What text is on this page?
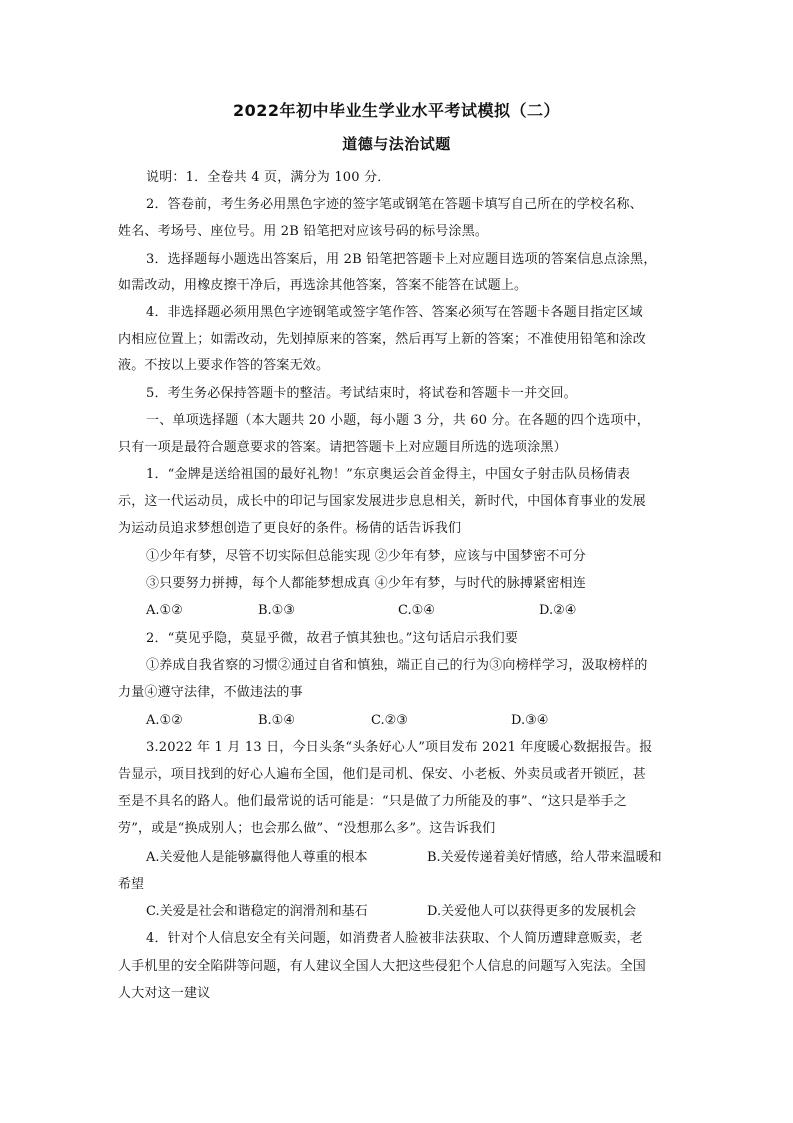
2022年初中毕业生学业水平考试模拟（二）
道德与法治试题
说明：1．全卷共 4 页，满分为 100 分．
2．答卷前，考生务必用黑色字迹的签字笔或钢笔在答题卡填写自己所在的学校名称、
姓名、考场号、座位号。用 2B 铅笔把对应该号码的标号涂黑。
3．选择题每小题选出答案后，用 2B 铅笔把答题卡上对应题目选项的答案信息点涂黑，
如需改动，用橡皮擦干净后，再选涂其他答案，答案不能答在试题上。
4．非选择题必须用黑色字迹钢笔或签字笔作答、答案必须写在答题卡各题目指定区域
内相应位置上；如需改动，先划掉原来的答案，然后再写上新的答案；不准使用铅笔和涂改
液。不按以上要求作答的答案无效。
5．考生务必保持答题卡的整洁。考试结束时，将试卷和答题卡一并交回。
一、单项选择题（本大题共 20 小题，每小题 3 分，共 60 分。在各题的四个选项中，
只有一项是最符合题意要求的答案。请把答题卡上对应题目所选的选项涂黑）
1．“金牌是送给祖国的最好礼物！”东京奥运会首金得主，中国女子射击队员杨倩表
示，这一代运动员，成长中的印记与国家发展进步息息相关，新时代，中国体育事业的发展
为运动员追求梦想创造了更良好的条件。杨倩的话告诉我们
①少年有梦，尽管不切实际但总能实现 ②少年有梦，应该与中国梦密不可分
③只要努力拼搏，每个人都能梦想成真 ④少年有梦，与时代的脉搏紧密相连
A.①②	B.①③	C.①④	D.②④
2．“莫见乎隐，莫显乎微，故君子慎其独也。”这句话启示我们要
①养成自我省察的习惯②通过自省和慎独，端正自己的行为③向榜样学习，汲取榜样的
力量④遵守法律，不做违法的事
A.①②	B.①④	C.②③	D.③④
3.2022 年 1 月 13 日，今日头条“头条好心人”项目发布 2021 年度暖心数据报告。报
告显示，项目找到的好心人遍布全国，他们是司机、保安、小老板、外卖员或者开锁匠，甚
至是不具名的路人。他们最常说的话可能是：“只是做了力所能及的事”、“这只是举手之
劳”，或是“换成别人；也会那么做”、“没想那么多”。这告诉我们
A.关爱他人是能够赢得他人尊重的根本	B.关爱传递着美好情感，给人带来温暖和
希望
C.关爱是社会和谐稳定的润滑剂和基石	D.关爱他人可以获得更多的发展机会
4．针对个人信息安全有关问题，如消费者人脸被非法获取、个人简历遭肆意贩卖，老
人手机里的安全陷阱等问题，有人建议全国人大把这些侵犯个人信息的问题写入宪法。全国
人大对这一建议
